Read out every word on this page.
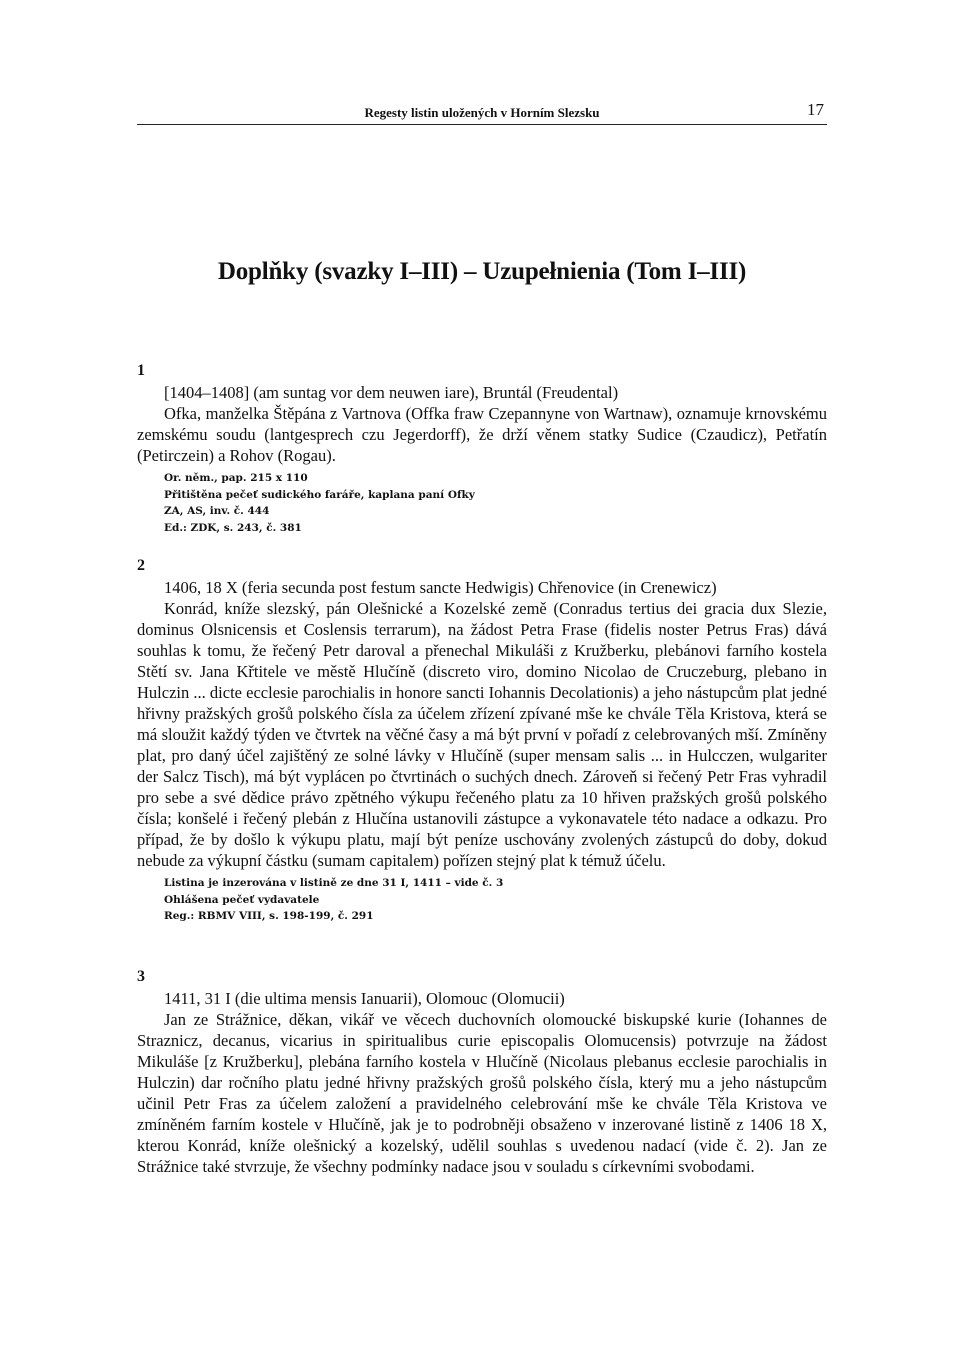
Regesty listin uložených v Horním Slezsku	17
Doplňky (svazky I–III) – Uzupełnienia (Tom I–III)
1
[1404–1408] (am suntag vor dem neuwen iare), Bruntál (Freudental)

Ofka, manželka Štěpána z Vartnova (Offka fraw Czepannyne von Wartnaw), oznamuje krnovskému zemskému soudu (lantgesprech czu Jegerdorff), že drží věnem statky Sudice (Czaudicz), Petřatín (Petirczein) a Rohov (Rogau).

Or. něm., pap. 215 x 110
Přitištěna pečeť sudického faráře, kaplana paní Ofky
ZA, AS, inv. č. 444
Ed.: ZDK, s. 243, č. 381
2
1406, 18 X (feria secunda post festum sancte Hedwigis) Chřenovice (in Crenewicz)

Konrád, kníže slezský, pán Olešnické a Kozelské země (Conradus tertius dei gracia dux Slezie, dominus Olsnicensis et Coslensis terrarum), na žádost Petra Frase (fidelis noster Petrus Fras) dává souhlas k tomu, že řečený Petr daroval a přenechal Mikuláši z Kružberku, plebánovi farního kostela Stětí sv. Jana Křtitele ve městě Hlučíně (discreto viro, domino Nicolao de Cruczeburg, plebano in Hulczin ... dicte ecclesie parochialis in honore sancti Iohannis Decolationis) a jeho nástupcům plat jedné hřivny pražských grošů polského čísla za účelem zřízení zpívané mše ke chvále Těla Kristova, která se má sloužit každý týden ve čtvrtek na věčné časy a má být první v pořadí z celebrovaných mší. Zmíněny plat, pro daný účel zajištěný ze solné lávky v Hlučíně (super mensam salis ... in Hulcczen, wulgariter der Salcz Tisch), má být vyplácen po čtvrtinách o suchých dnech. Zároveň si řečený Petr Fras vyhradil pro sebe a své dědice právo zpětného výkupu řečeného platu za 10 hřiven pražských grošů polského čísla; konšelé i řečený plebán z Hlučína ustanovili zástupce a vykonavatele této nadace a odkazu. Pro případ, že by došlo k výkupu platu, mají být peníze uschovány zvolených zástupců do doby, dokud nebude za výkupní částku (sumam capitalem) pořízen stejný plat k témuž účelu.

Listina je inzerována v listině ze dne 31 I, 1411 – vide č. 3
Ohlášena pečeť vydavatele
Reg.: RBMV VIII, s. 198-199, č. 291
3
1411, 31 I (die ultima mensis Ianuarii), Olomouc (Olomucii)

Jan ze Strážnice, děkan, vikář ve věcech duchovních olomoucké biskupské kurie (Iohannes de Straznicz, decanus, vicarius in spiritualibus curie episcopalis Olomucensis) potvrzuje na žádost Mikuláše [z Kružberku], plebána farního kostela v Hlučíně (Nicolaus plebanus ecclesie parochialis in Hulczin) dar ročního platu jedné hřivny pražských grošů polského čísla, který mu a jeho nástupcům učinil Petr Fras za účelem založení a pravidelného celebrování mše ke chvále Těla Kristova ve zmíněném farním kostele v Hlučíně, jak je to podrobněji obsaženo v inzerované listině z 1406 18 X, kterou Konrád, kníže olešnický a kozelský, udělil souhlas s uvedenou nadací (vide č. 2). Jan ze Strážnice také stvrzuje, že všechny podmínky nadace jsou v souladu s církevními svobodami.
